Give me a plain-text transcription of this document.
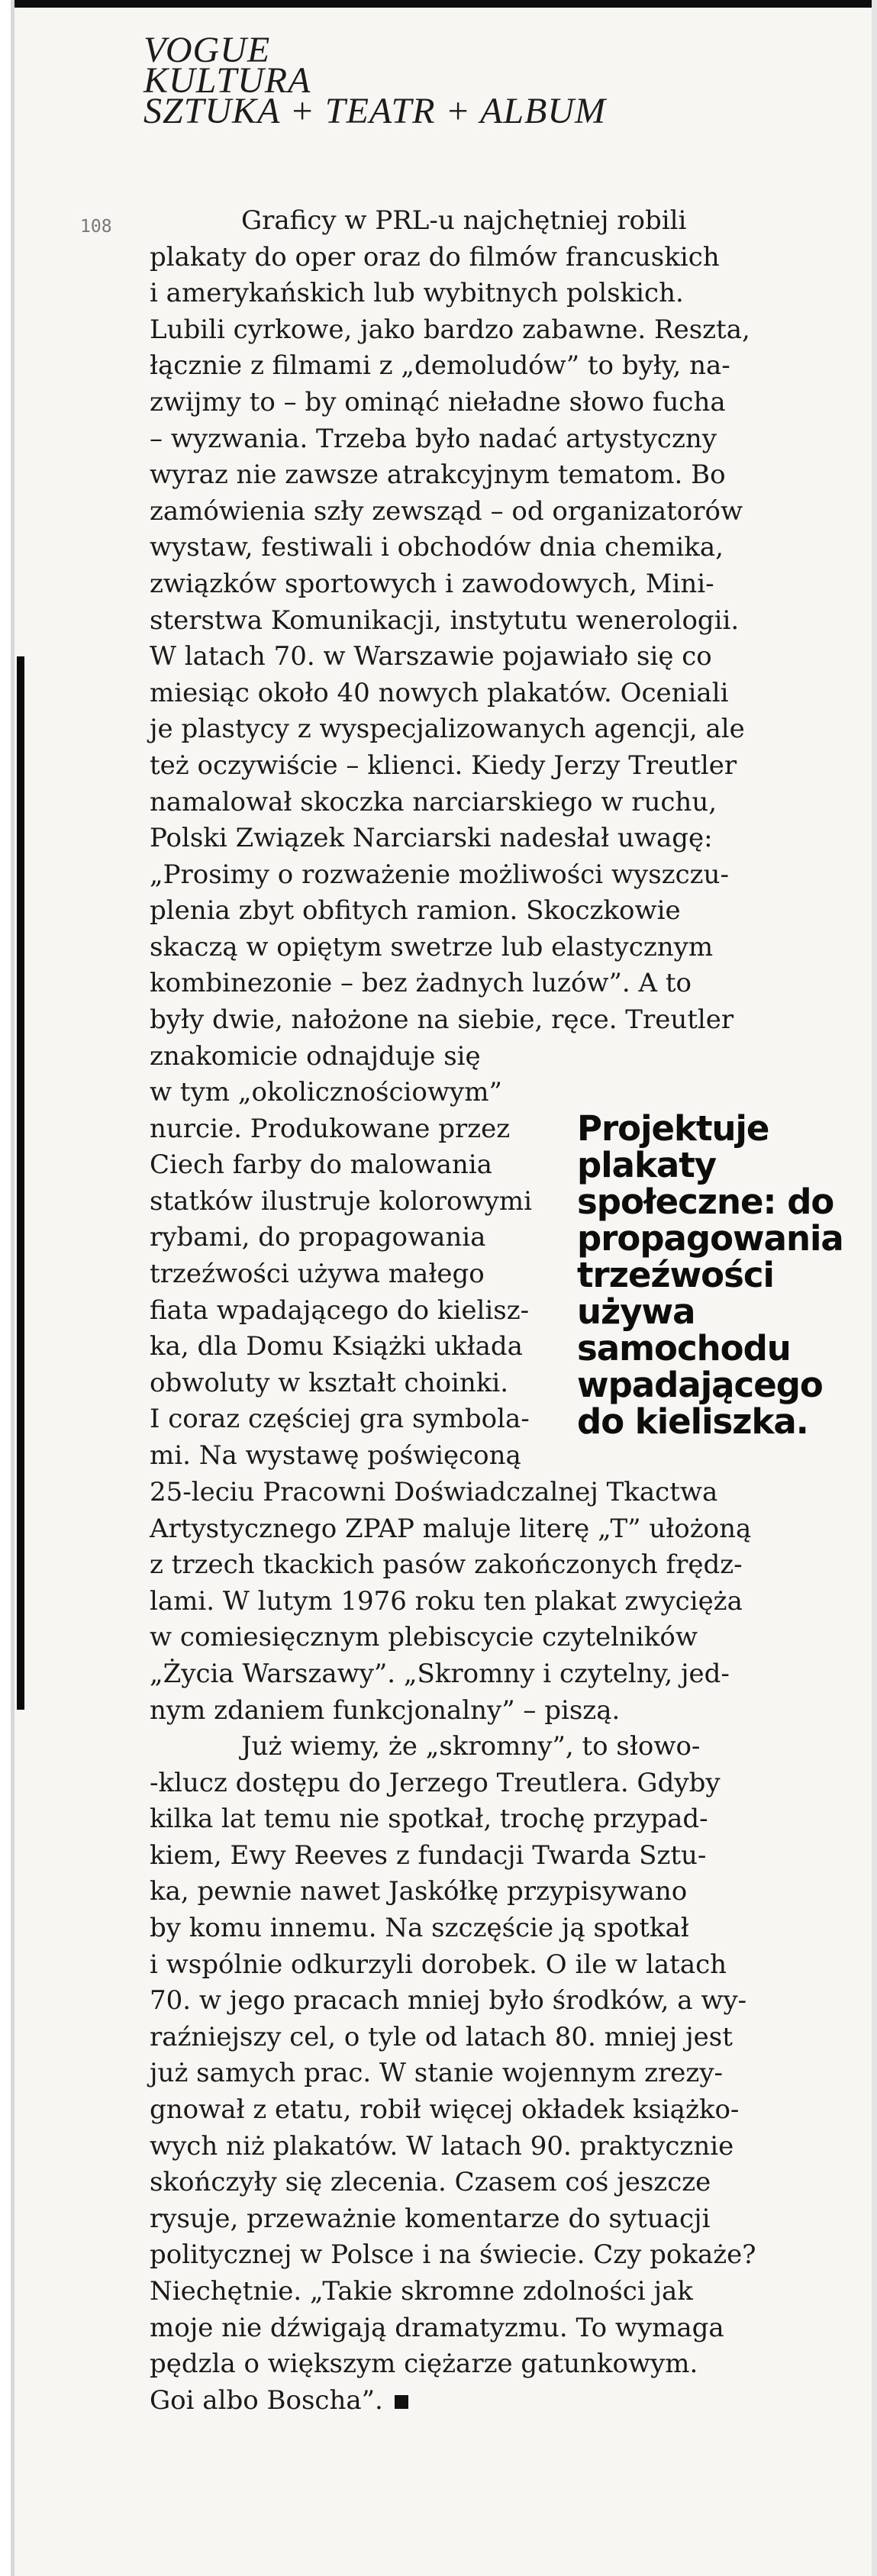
VOGUE
KULTURA
SZTUKA + TEATR + ALBUM
108	Graficy w PRL-u najchętniej robili
plakaty do oper oraz do filmów francuskich
i amerykańskich lub wybitnych polskich.
Lubili cyrkowe, jako bardzo zabawne. Reszta,
łącznie z filmami z „demoludów” to były, na-
zwijmy to – by ominąć nieładne słowo fucha
– wyzwania. Trzeba było nadać artystyczny
wyraz nie zawsze atrakcyjnym tematom. Bo
zamówienia szły zewsząd – od organizatorów
wystaw, festiwali i obchodów dnia chemika,
związków sportowych i zawodowych, Mini-
sterstwa Komunikacji, instytutu wenerologii.
W latach 70. w Warszawie pojawiało się co
miesiąc około 40 nowych plakatów. Oceniali
je plastycy z wyspecjalizowanych agencji, ale
też oczywiście – klienci. Kiedy Jerzy Treutler
namalował skoczka narciarskiego w ruchu,
Polski Związek Narciarski nadesłał uwagę:
„Prosimy o rozważenie możliwości wyszczu-
plenia zbyt obfitych ramion. Skoczkowie
skaczą w opiętym swetrze lub elastycznym
kombinezonie – bez żadnych luzów”. A to
były dwie, nałożone na siebie, ręce. Treutler
znakomicie odnajduje się
w tym „okolicznościowym”
nurcie. Produkowane przez
Ciech farby do malowania
statków ilustruje kolorowymi
rybami, do propagowania
trzeźwości używa małego
fiata wpadającego do kielisz-
ka, dla Domu Książki układa
obwoluty w kształt choinki.
I coraz częściej gra symbola-
mi. Na wystawę poświęconą
25-leciu Pracowni Doświadczalnej Tkactwa
Artystycznego ZPAP maluje literę „T” ułożoną
z trzech tkackich pasów zakończonych frędz-
lami. W lutym 1976 roku ten plakat zwycięża
w comiesięcznym plebiscycie czytelników
„Życia Warszawy”. „Skromny i czytelny, jed-
nym zdaniem funkcjonalny” – piszą.
Już wiemy, że „skromny”, to słowo-
-klucz dostępu do Jerzego Treutlera. Gdyby
kilka lat temu nie spotkał, trochę przypad-
kiem, Ewy Reeves z fundacji Twarda Sztu-
ka, pewnie nawet Jaskółkę przypisywano
by komu innemu. Na szczęście ją spotkał
i wspólnie odkurzyli dorobek. O ile w latach
70. w jego pracach mniej było środków, a wy-
raźniejszy cel, o tyle od latach 80. mniej jest
już samych prac. W stanie wojennym zrezy-
gnował z etatu, robił więcej okładek książko-
wych niż plakatów. W latach 90. praktycznie
skończyły się zlecenia. Czasem coś jeszcze
rysuje, przeważnie komentarze do sytuacji
politycznej w Polsce i na świecie. Czy pokaże?
Niechętnie. „Takie skromne zdolności jak
moje nie dźwigają dramatyzmu. To wymaga
pędzla o większym ciężarze gatunkowym.
Goi albo Boscha”.
Projektuje
plakaty
społeczne: do
propagowania
trzeźwości
używa
samochodu
wpadającego
do kieliszka.
